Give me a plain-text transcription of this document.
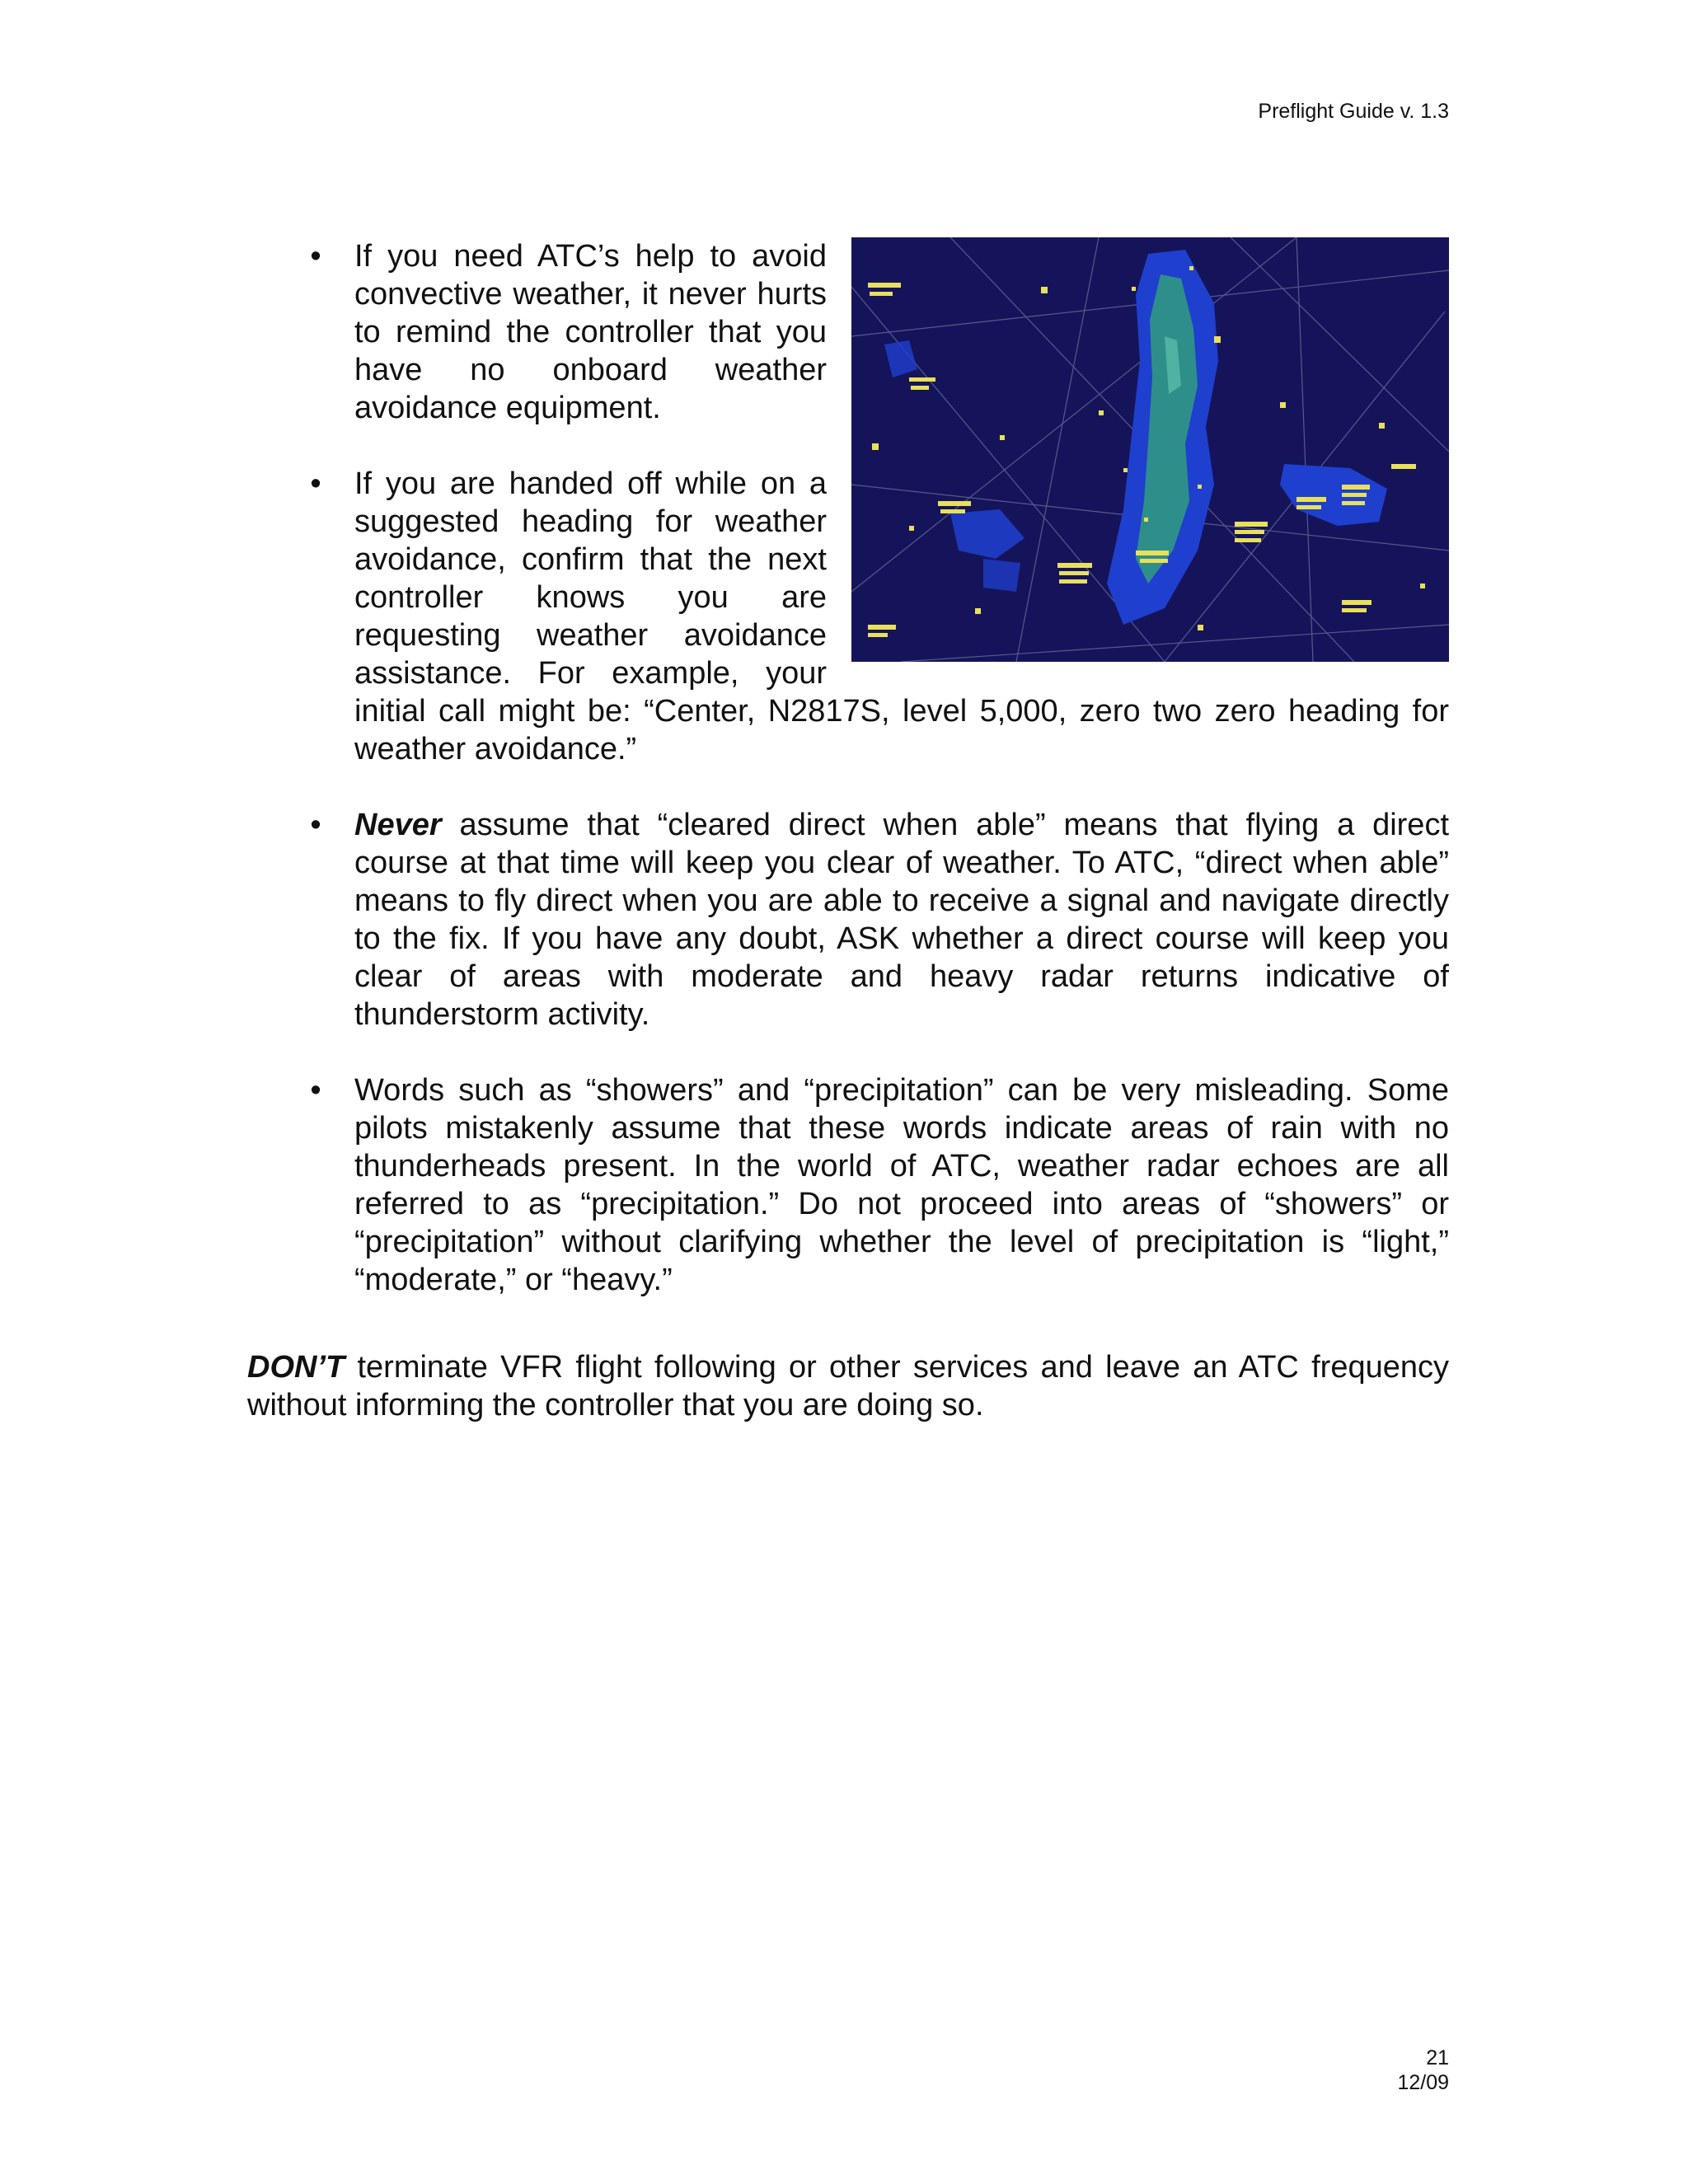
Preflight Guide v. 1.3
• If you need ATC’s help to avoid convective weather, it never hurts to remind the controller that you have no onboard weather avoidance equipment.
• If you are handed off while on a suggested heading for weather avoidance, confirm that the next controller knows you are requesting weather avoidance assistance. For example, your initial call might be: “Center, N2817S, level 5,000, zero two zero heading for weather avoidance.”
• Never assume that “cleared direct when able” means that flying a direct course at that time will keep you clear of weather. To ATC, “direct when able” means to fly direct when you are able to receive a signal and navigate directly to the fix. If you have any doubt, ASK whether a direct course will keep you clear of areas with moderate and heavy radar returns indicative of thunderstorm activity.
• Words such as “showers” and “precipitation” can be very misleading. Some pilots mistakenly assume that these words indicate areas of rain with no thunderheads present. In the world of ATC, weather radar echoes are all referred to as “precipitation.” Do not proceed into areas of “showers” or “precipitation” without clarifying whether the level of precipitation is “light,” “moderate,” or “heavy.”
DON’T terminate VFR flight following or other services and leave an ATC frequency without informing the controller that you are doing so.
21
12/09
